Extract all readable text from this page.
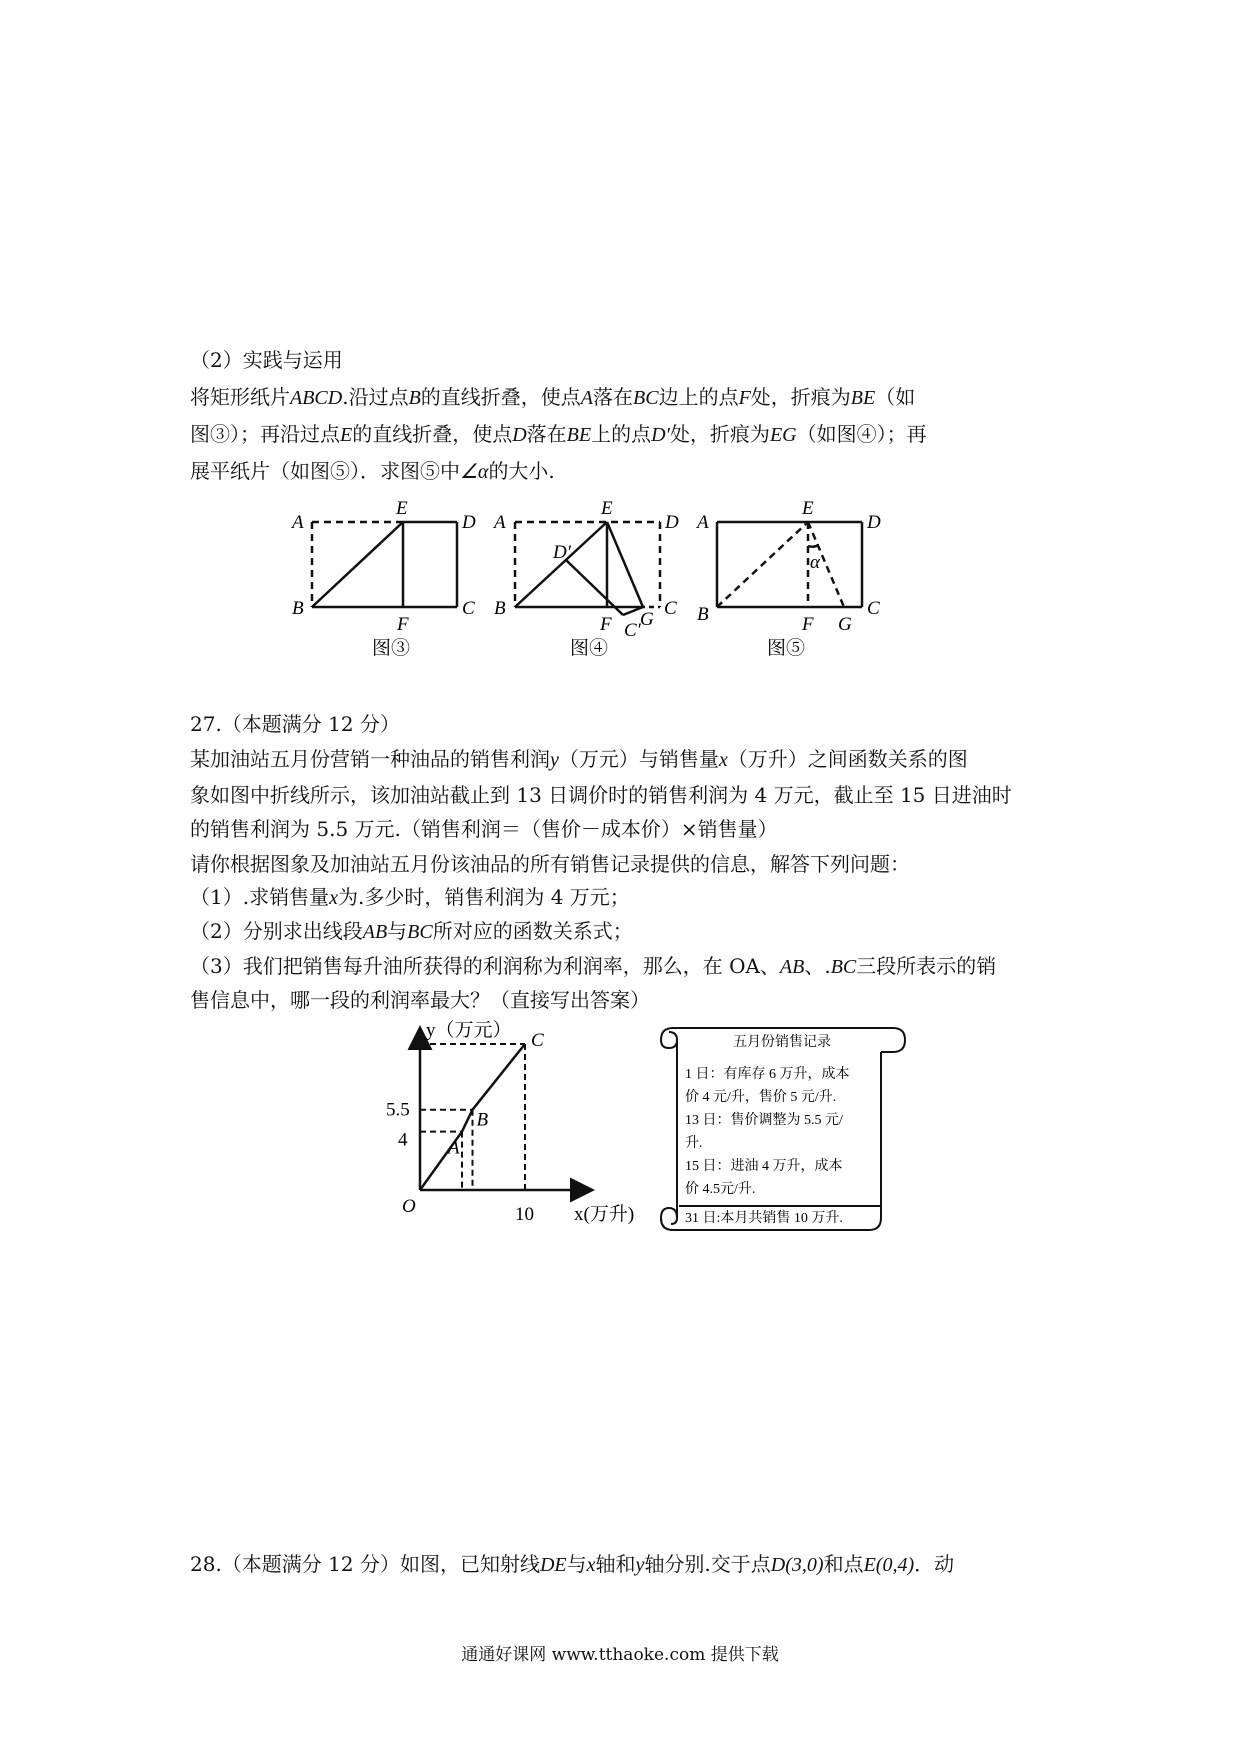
（2）实践与运用
将矩形纸片ABCD.沿过点B的直线折叠，使点A落在BC边上的点F处，折痕为BE（如
图③）；再沿过点E的直线折叠，使点D落在BE上的点D′处，折痕为EG（如图④）；再
展平纸片（如图⑤）．求图⑤中∠α的大小.
A
E
D
B
F
C
图③
A
E
D
D′
B
F C′
G
C
图④
A
E
D
α
B	F G
C
图⑤
27.（本题满分 12 分）
某加油站五月份营销一种油品的销售利润y（万元）与销售量x（万升）之间函数关系的图
象如图中折线所示，该加油站截止到 13 日调价时的销售利润为 4 万元，截止至 15 日进油时
的销售利润为 5.5 万元.（销售利润＝（售价－成本价）×销售量）
请你根据图象及加油站五月份该油品的所有销售记录提供的信息，解答下列问题：
（1）.求销售量x为.多少时，销售利润为 4 万元；
（2）分别求出线段AB与BC所对应的函数关系式；
（3）我们把销售每升油所获得的利润称为利润率，那么，在 OA、AB、.BC三段所表示的销
售信息中，哪一段的利润率最大？（直接写出答案）
y（万元）
x(万升)
O	10
5.5
4 A
B
C	五月份销售记录
1 日：有库存 6 万升，成本
价 4 元/升，售价 5 元/升.
13 日：售价调整为 5.5 元/
升.
15 日：进油 4 万升，成本
价 4.5元/升.
31 日:本月共销售 10 万升.
28.（本题满分 12 分）如图，已知射线DE与x轴和y轴分别.交于点D(3,0)和点E(0,4)．动
通通好课网 www.tthaoke.com 提供下载
